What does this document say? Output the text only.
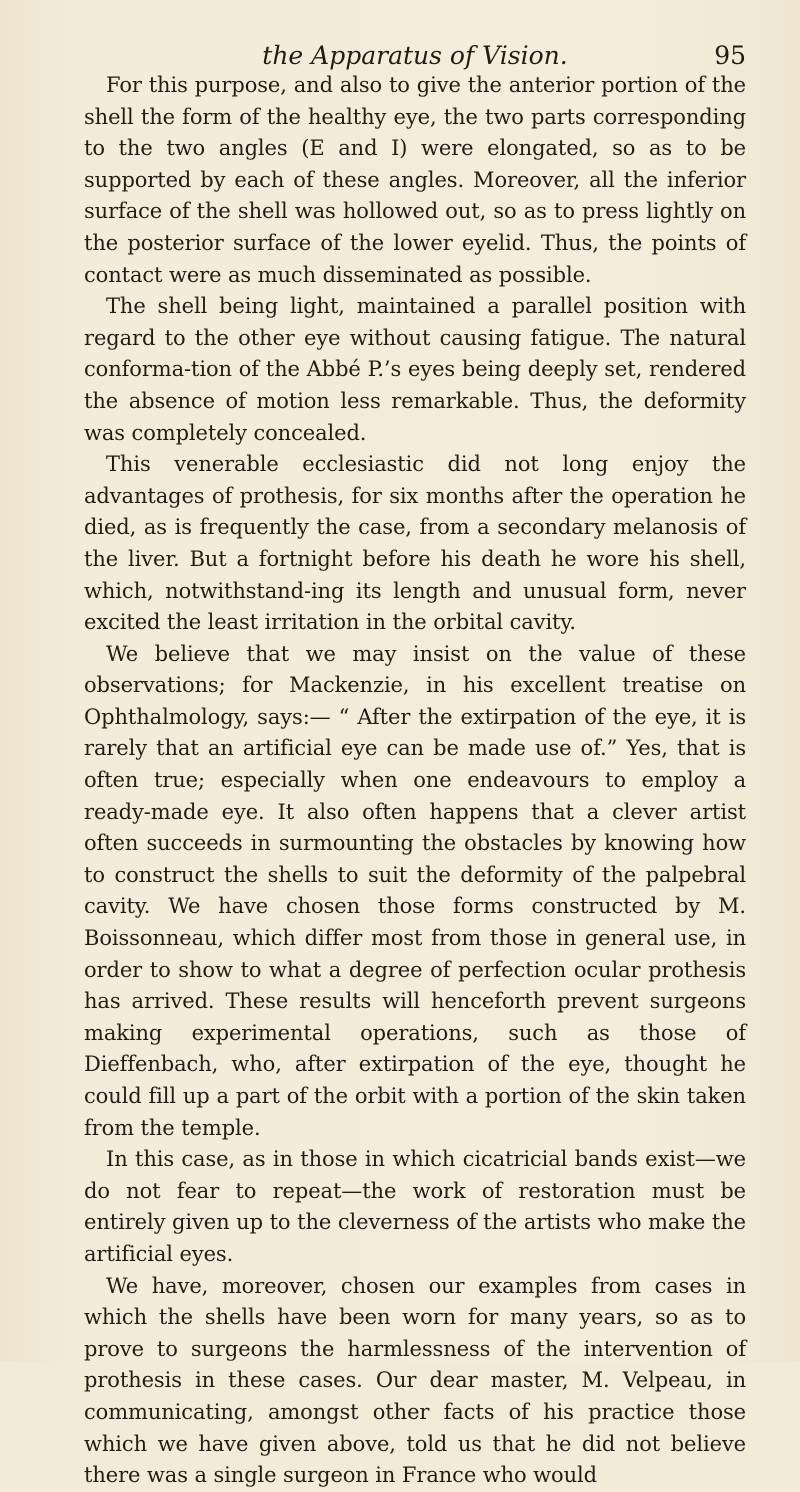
the Apparatus of Vision.	95

For this purpose, and also to give the anterior portion of the shell the form of the healthy eye, the two parts corresponding to the two angles (E and I) were elongated, so as to be supported by each of these angles. Moreover, all the inferior surface of the shell was hollowed out, so as to press lightly on the posterior surface of the lower eyelid. Thus, the points of contact were as much disseminated as possible.

The shell being light, maintained a parallel position with regard to the other eye without causing fatigue. The natural conforma-tion of the Abbé P.’s eyes being deeply set, rendered the absence of motion less remarkable. Thus, the deformity was completely concealed.

This venerable ecclesiastic did not long enjoy the advantages of prothesis, for six months after the operation he died, as is frequently the case, from a secondary melanosis of the liver. But a fortnight before his death he wore his shell, which, notwithstand-ing its length and unusual form, never excited the least irritation in the orbital cavity.

We believe that we may insist on the value of these observations; for Mackenzie, in his excellent treatise on Ophthalmology, says:— “ After the extirpation of the eye, it is rarely that an artificial eye can be made use of.” Yes, that is often true; especially when one endeavours to employ a ready-made eye. It also often happens that a clever artist often succeeds in surmounting the obstacles by knowing how to construct the shells to suit the deformity of the palpebral cavity. We have chosen those forms constructed by M. Boissonneau, which differ most from those in general use, in order to show to what a degree of perfection ocular prothesis has arrived. These results will henceforth prevent surgeons making experimental operations, such as those of Dieffenbach, who, after extirpation of the eye, thought he could fill up a part of the orbit with a portion of the skin taken from the temple.

In this case, as in those in which cicatricial bands exist—we do not fear to repeat—the work of restoration must be entirely given up to the cleverness of the artists who make the artificial eyes.

We have, moreover, chosen our examples from cases in which the shells have been worn for many years, so as to prove to surgeons the harmlessness of the intervention of prothesis in these cases. Our dear master, M. Velpeau, in communicating, amongst other facts of his practice those which we have given above, told us that he did not believe there was a single surgeon in France who would
